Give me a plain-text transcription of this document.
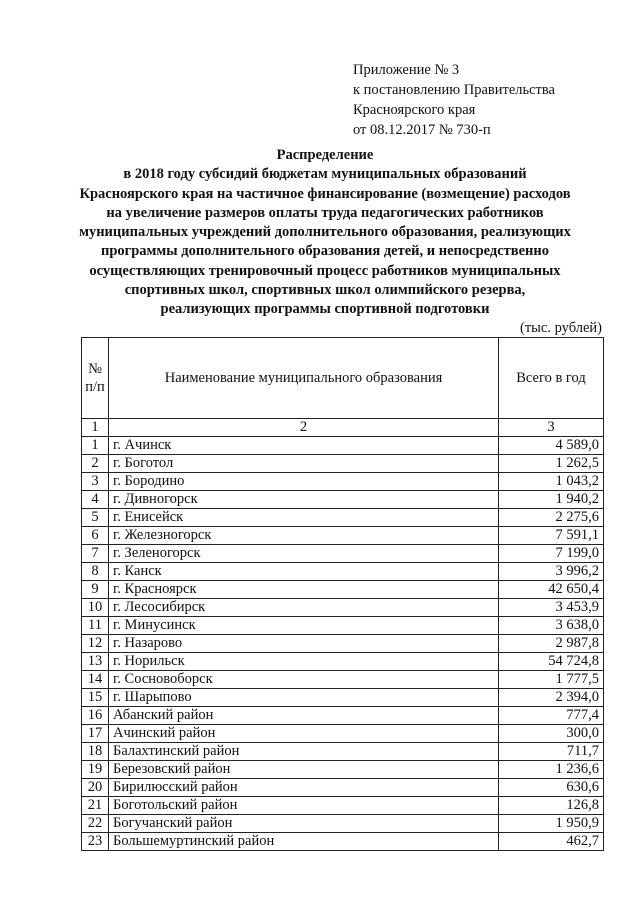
Приложение № 3
к постановлению Правительства
Красноярского края
от 08.12.2017 № 730-п
Распределение
в 2018 году субсидий бюджетам муниципальных образований
Красноярского края на частичное финансирование (возмещение) расходов
на увеличение размеров оплаты труда педагогических работников
муниципальных учреждений дополнительного образования, реализующих
программы дополнительного образования детей, и непосредственно
осуществляющих тренировочный процесс работников муниципальных
спортивных школ, спортивных школ олимпийского резерва,
реализующих программы спортивной подготовки
(тыс. рублей)
№
п/п	Наименование муниципального образования	Всего в год
1	2	3
1	г. Ачинск	4 589,0
2	г. Боготол	1 262,5
3	г. Бородино	1 043,2
4	г. Дивногорск	1 940,2
5	г. Енисейск	2 275,6
6	г. Железногорск	7 591,1
7	г. Зеленогорск	7 199,0
8	г. Канск	3 996,2
9	г. Красноярск	42 650,4
10	г. Лесосибирск	3 453,9
11	г. Минусинск	3 638,0
12	г. Назарово	2 987,8
13	г. Норильск	54 724,8
14	г. Сосновоборск	1 777,5
15	г. Шарыпово	2 394,0
16	Абанский район	777,4
17	Ачинский район	300,0
18	Балахтинский район	711,7
19	Березовский район	1 236,6
20	Бирилюсский район	630,6
21	Боготольский район	126,8
22	Богучанский район	1 950,9
23	Большемуртинский район	462,7
